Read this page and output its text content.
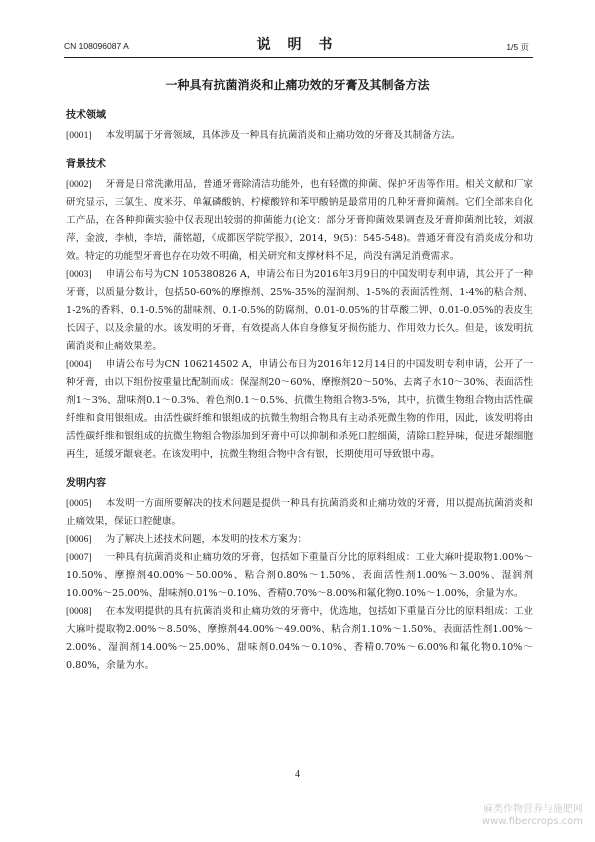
CN 108096087 A	说 明 书	1/5 页
一种具有抗菌消炎和止痛功效的牙膏及其制备方法
技术领域

[0001] 本发明属于牙膏领域，具体涉及一种具有抗菌消炎和止痛功效的牙膏及其制备方法。

背景技术

[0002] 牙膏是日常洗漱用品，普通牙膏除清洁功能外，也有轻微的抑菌、保护牙齿等作用。相关文献和厂家研究显示，三氯生、度米芬、单氟磷酸钠、柠檬酸锌和苯甲酸钠是最常用的几种牙膏抑菌剂。它们全部来自化工产品，在各种抑菌实验中仅表现出较弱的抑菌能力(论文：部分牙膏抑菌效果调查及牙膏抑菌剂比较，刘淑萍，金波，李桢，李培，蒲铭超，《成都医学院学报》，2014，9(5)：545-548)。普通牙膏没有消炎成分和功效。特定的功能型牙膏也存在功效不明确，相关研究和支撑材料不足，尚没有满足消费需求。

[0003] 申请公布号为CN 105380826 A，申请公布日为2016年3月9日的中国发明专利申请，其公开了一种牙膏，以质量分数计，包括50-60%的摩擦剂、25%-35%的湿润剂、1-5%的表面活性剂、1-4%的粘合剂、1-2%的香料、0.1-0.5%的甜味剂、0.1-0.5%的防腐剂、0.01-0.05%的甘草酸二钾、0.01-0.05%的表皮生长因子、以及余量的水。该发明的牙膏，有效提高人体自身修复牙损伤能力、作用效力长久。但是，该发明抗菌消炎和止痛效果差。

[0004] 申请公布号为CN 106214502 A，申请公布日为2016年12月14日的中国发明专利申请，公开了一种牙膏，由以下组份按重量比配制而成：保湿剂20～60%、摩擦剂20～50%、去离子水10～30%、表面活性剂1～3%、甜味剂0.1～0.3%、着色剂0.1～0.5%、抗微生物组合物3-5%，其中，抗微生物组合物由活性碳纤维和食用银组成。由活性碳纤维和银组成的抗微生物组合物具有主动杀死微生物的作用，因此，该发明将由活性碳纤维和银组成的抗微生物组合物添加到牙膏中可以抑制和杀死口腔细菌，清除口腔异味，促进牙龈细胞再生，延缓牙龈衰老。在该发明中，抗微生物组合物中含有银，长期使用可导致银中毒。

发明内容

[0005] 本发明一方面所要解决的技术问题是提供一种具有抗菌消炎和止痛功效的牙膏，用以提高抗菌消炎和止痛效果，保证口腔健康。

[0006] 为了解决上述技术问题，本发明的技术方案为：

[0007] 一种具有抗菌消炎和止痛功效的牙膏，包括如下重量百分比的原料组成：工业大麻叶提取物1.00%～10.50%、摩擦剂40.00%～50.00%、粘合剂0.80%～1.50%、表面活性剂1.00%～3.00%、湿润剂10.00%～25.00%、甜味剂0.01%～0.10%、香精0.70%～8.00%和氟化物0.10%～1.00%，余量为水。

[0008] 在本发明提供的具有抗菌消炎和止痛功效的牙膏中，优选地，包括如下重量百分比的原料组成：工业大麻叶提取物2.00%～8.50%、摩擦剂44.00%～49.00%、粘合剂1.10%～1.50%、表面活性剂1.00%～2.00%、湿润剂14.00%～25.00%、甜味剂0.04%～0.10%、香精0.70%～6.00%和氟化物0.10%～0.80%，余量为水。

4
麻类作物营养与施肥网
www.fibercrops.com
